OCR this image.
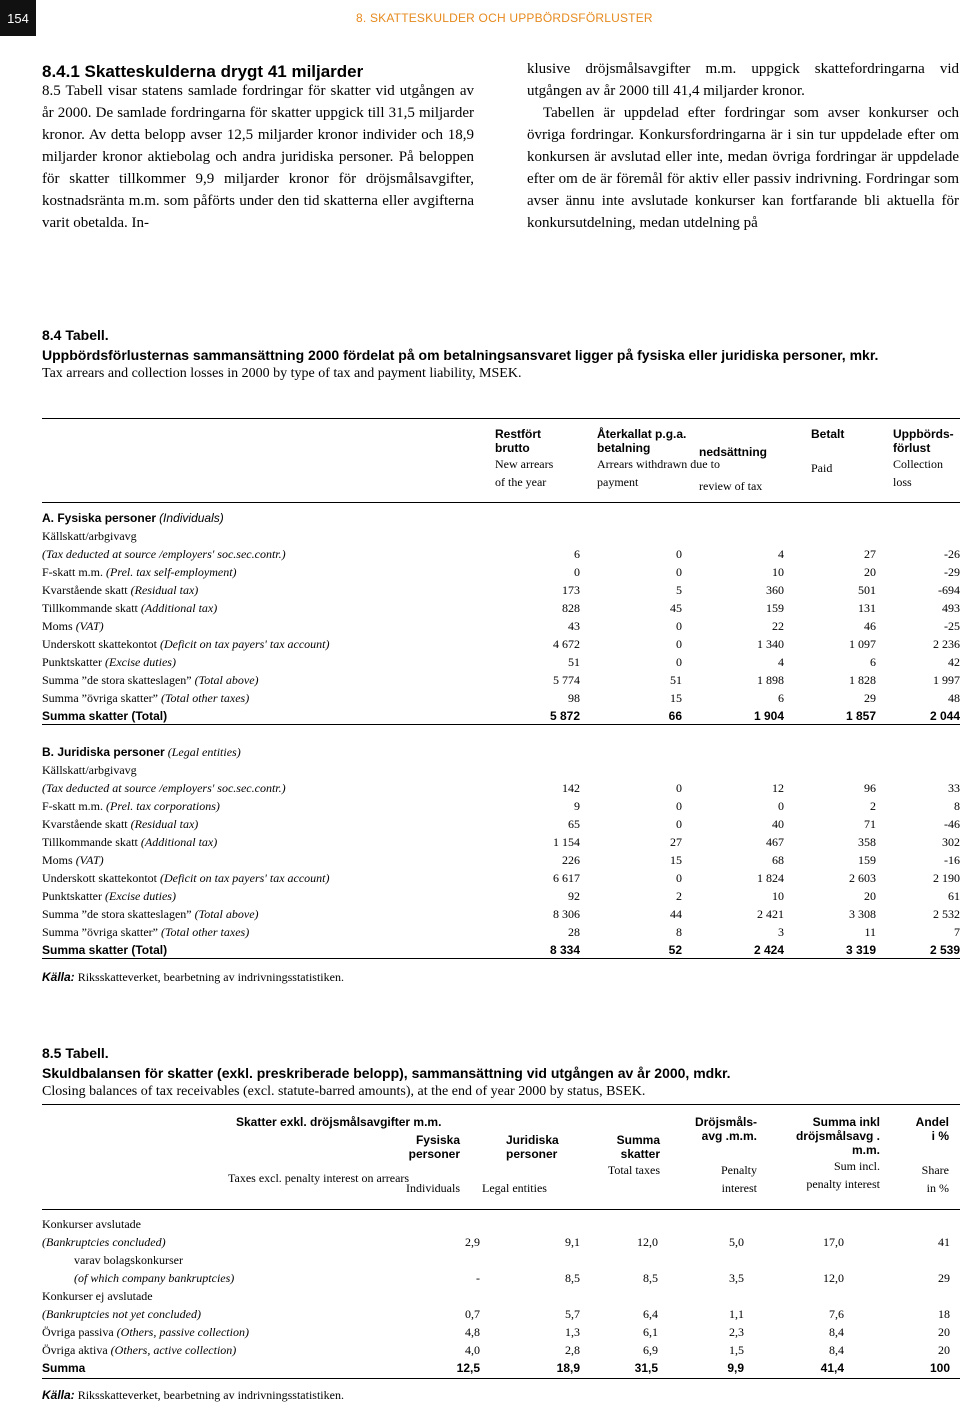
154	8. SKATTESKULDER OCH UPPBÖRDSFÖRLUSTER
8.4.1 Skatteskulderna drygt 41 miljarder

8.5 Tabell visar statens samlade fordringar för skatter vid utgången av år 2000. De samlade fordringarna för skatter uppgick till 31,5 miljarder kronor. Av detta belopp avser 12,5 miljarder kronor individer och 18,9 miljarder kronor aktiebolag och andra juridiska personer. På beloppen för skatter tillkommer 9,9 miljarder kronor för dröjsmålsavgifter, kostnadsränta m.m. som påförts under den tid skatterna eller avgifterna varit obetalda. In-

klusive dröjsmålsavgifter m.m. uppgick skattefordringarna vid utgången av år 2000 till 41,4 miljarder kronor.

Tabellen är uppdelad efter fordringar som avser konkurser och övriga fordringar. Konkursfordringarna är i sin tur uppdelade efter om konkursen är avslutad eller inte, medan övriga fordringar är uppdelade efter om de är föremål för aktiv eller passiv indrivning. Fordringar som avser ännu inte avslutade konkurser kan fortfarande bli aktuella för konkursutdelning, medan utdelning på

8.4 Tabell.
Uppbördsförlusternas sammansättning 2000 fördelat på om betalningsansvaret ligger på fysiska eller juridiska personer, mkr.
Tax arrears and collection losses in 2000 by type of tax and payment liability, MSEK.
Restfört
brutto
New arrears
of the year
Återkallat p.g.a.
betalning
Arrears withdrawn due to
payment
nedsättning
review of tax
Betalt

Paid
Uppbörds-
förlust
Collection
loss
A. Fysiska personer (Individuals)					
Källskatt/arbgivavg					
(Tax deducted at source /employers' soc.sec.contr.)	6	0	4	27	-26
F-skatt m.m. (Prel. tax self-employment)	0	0	10	20	-29
Kvarstående skatt (Residual tax)	173	5	360	501	-694
Tillkommande skatt (Additional tax)	828	45	159	131	493
Moms (VAT)	43	0	22	46	-25
Underskott skattekontot (Deficit on tax payers' tax account)	4 672	0	1 340	1 097	2 236
Punktskatter (Excise duties)	51	0	4	6	42
Summa ”de stora skatteslagen” (Total above)	5 774	51	1 898	1 828	1 997
Summa ”övriga skatter” (Total other taxes)	98	15	6	29	48
Summa skatter (Total)	5 872	66	1 904	1 857	2 044
B. Juridiska personer (Legal entities)					
Källskatt/arbgivavg					
(Tax deducted at source /employers' soc.sec.contr.)	142	0	12	96	33
F-skatt m.m. (Prel. tax corporations)	9	0	0	2	8
Kvarstående skatt (Residual tax)	65	0	40	71	-46
Tillkommande skatt (Additional tax)	1 154	27	467	358	302
Moms (VAT)	226	15	68	159	-16
Underskott skattekontot (Deficit on tax payers' tax account)	6 617	0	1 824	2 603	2 190
Punktskatter (Excise duties)	92	2	10	20	61
Summa ”de stora skatteslagen” (Total above)	8 306	44	2 421	3 308	2 532
Summa ”övriga skatter” (Total other taxes)	28	8	3	11	7
Summa skatter (Total)	8 334	52	2 424	3 319	2 539
Källa: Riksskatteverket, bearbetning av indrivningsstatistiken.
8.5 Tabell.
Skuldbalansen för skatter (exkl. preskriberade belopp), sammansättning vid utgången av år 2000, mdkr.
Closing balances of tax receivables (excl. statute-barred amounts), at the end of year 2000 by status, BSEK.
Skatter exkl. dröjsmålsavgifter m.m.
Taxes excl. penalty interest on arrears
Fysiska
personer

Individuals
Juridiska
personer

Legal entities
Summa
skatter
Total taxes
Dröjsmåls-
avg .m.m.

Penalty
interest
Summa inkl
dröjsmålsavg .
m.m.
Sum incl.
penalty interest
Andel
i %

Share
in %
Konkurser avslutade						
(Bankruptcies concluded)	2,9	9,1	12,0	5,0	17,0	41
varav bolagskonkurser						
(of which company bankruptcies)	-	8,5	8,5	3,5	12,0	29
Konkurser ej avslutade						
(Bankruptcies not yet concluded)	0,7	5,7	6,4	1,1	7,6	18
Övriga passiva (Others, passive collection)	4,8	1,3	6,1	2,3	8,4	20
Övriga aktiva (Others, active collection)	4,0	2,8	6,9	1,5	8,4	20
Summa	12,5	18,9	31,5	9,9	41,4	100
Källa: Riksskatteverket, bearbetning av indrivningsstatistiken.
